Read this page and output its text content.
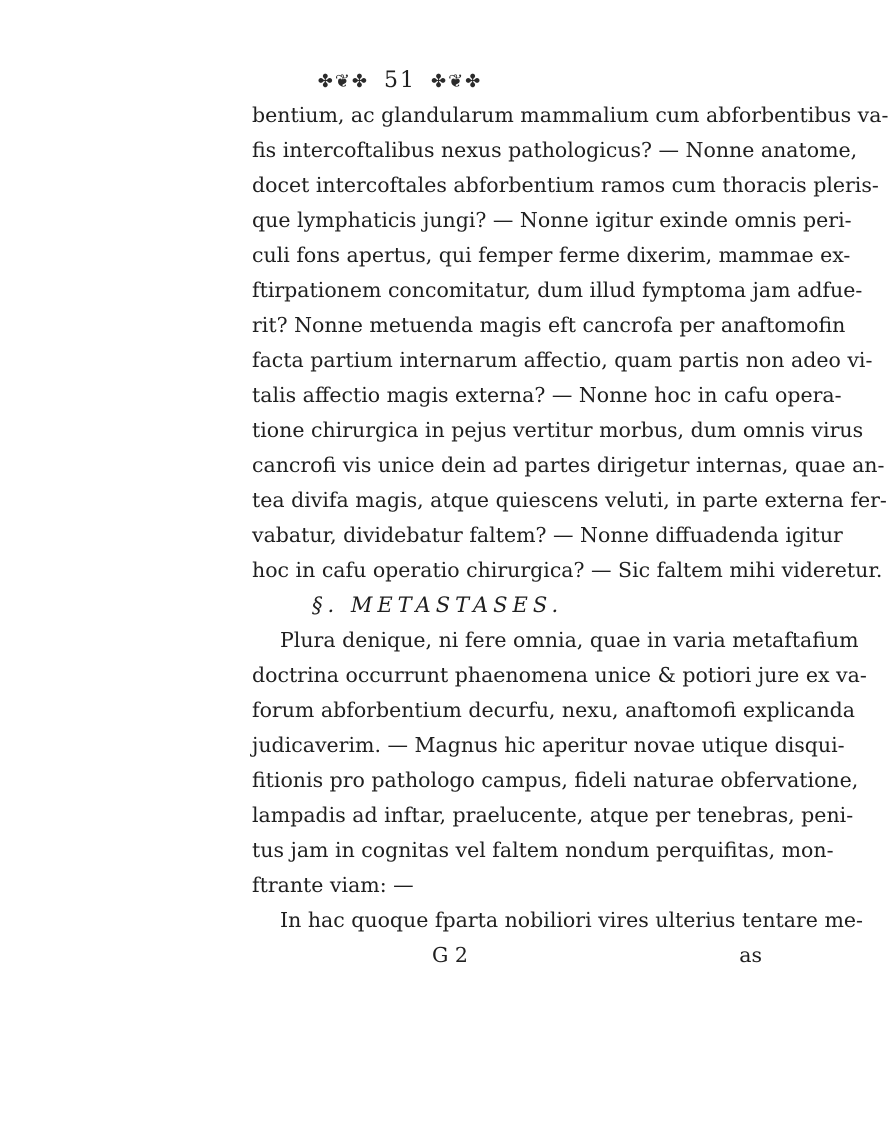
✤❦✤ 51 ✤❦✤
bentium, ac glandularum mammalium cum abforbentibus va-
fis intercoftalibus nexus pathologicus? — Nonne anatome,
docet intercoftales abforbentium ramos cum thoracis pleris-
que lymphaticis jungi? — Nonne igitur exinde omnis peri-
culi fons apertus, qui femper ferme dixerim, mammae ex-
ftirpationem concomitatur, dum illud fymptoma jam adfue-
rit? Nonne metuenda magis eft cancrofa per anaftomofin
facta partium internarum affectio, quam partis non adeo vi-
talis affectio magis externa? — Nonne hoc in cafu opera-
tione chirurgica in pejus vertitur morbus, dum omnis virus
cancrofi vis unice dein ad partes dirigetur internas, quae an-
tea divifa magis, atque quiescens veluti, in parte externa fer-
vabatur, dividebatur faltem? — Nonne diffuadenda igitur
hoc in cafu operatio chirurgica? — Sic faltem mihi videretur.
§. METASTASES.
Plura denique, ni fere omnia, quae in varia metaftafium
doctrina occurrunt phaenomena unice & potiori jure ex va-
forum abforbentium decurfu, nexu, anaftomofi explicanda
judicaverim. — Magnus hic aperitur novae utique disqui-
fitionis pro pathologo campus, fideli naturae obfervatione,
lampadis ad inftar, praelucente, atque per tenebras, peni-
tus jam in cognitas vel faltem nondum perquifitas, mon-
ftrante viam: —
In hac quoque fparta nobiliori vires ulterius tentare me-
G 2	as
